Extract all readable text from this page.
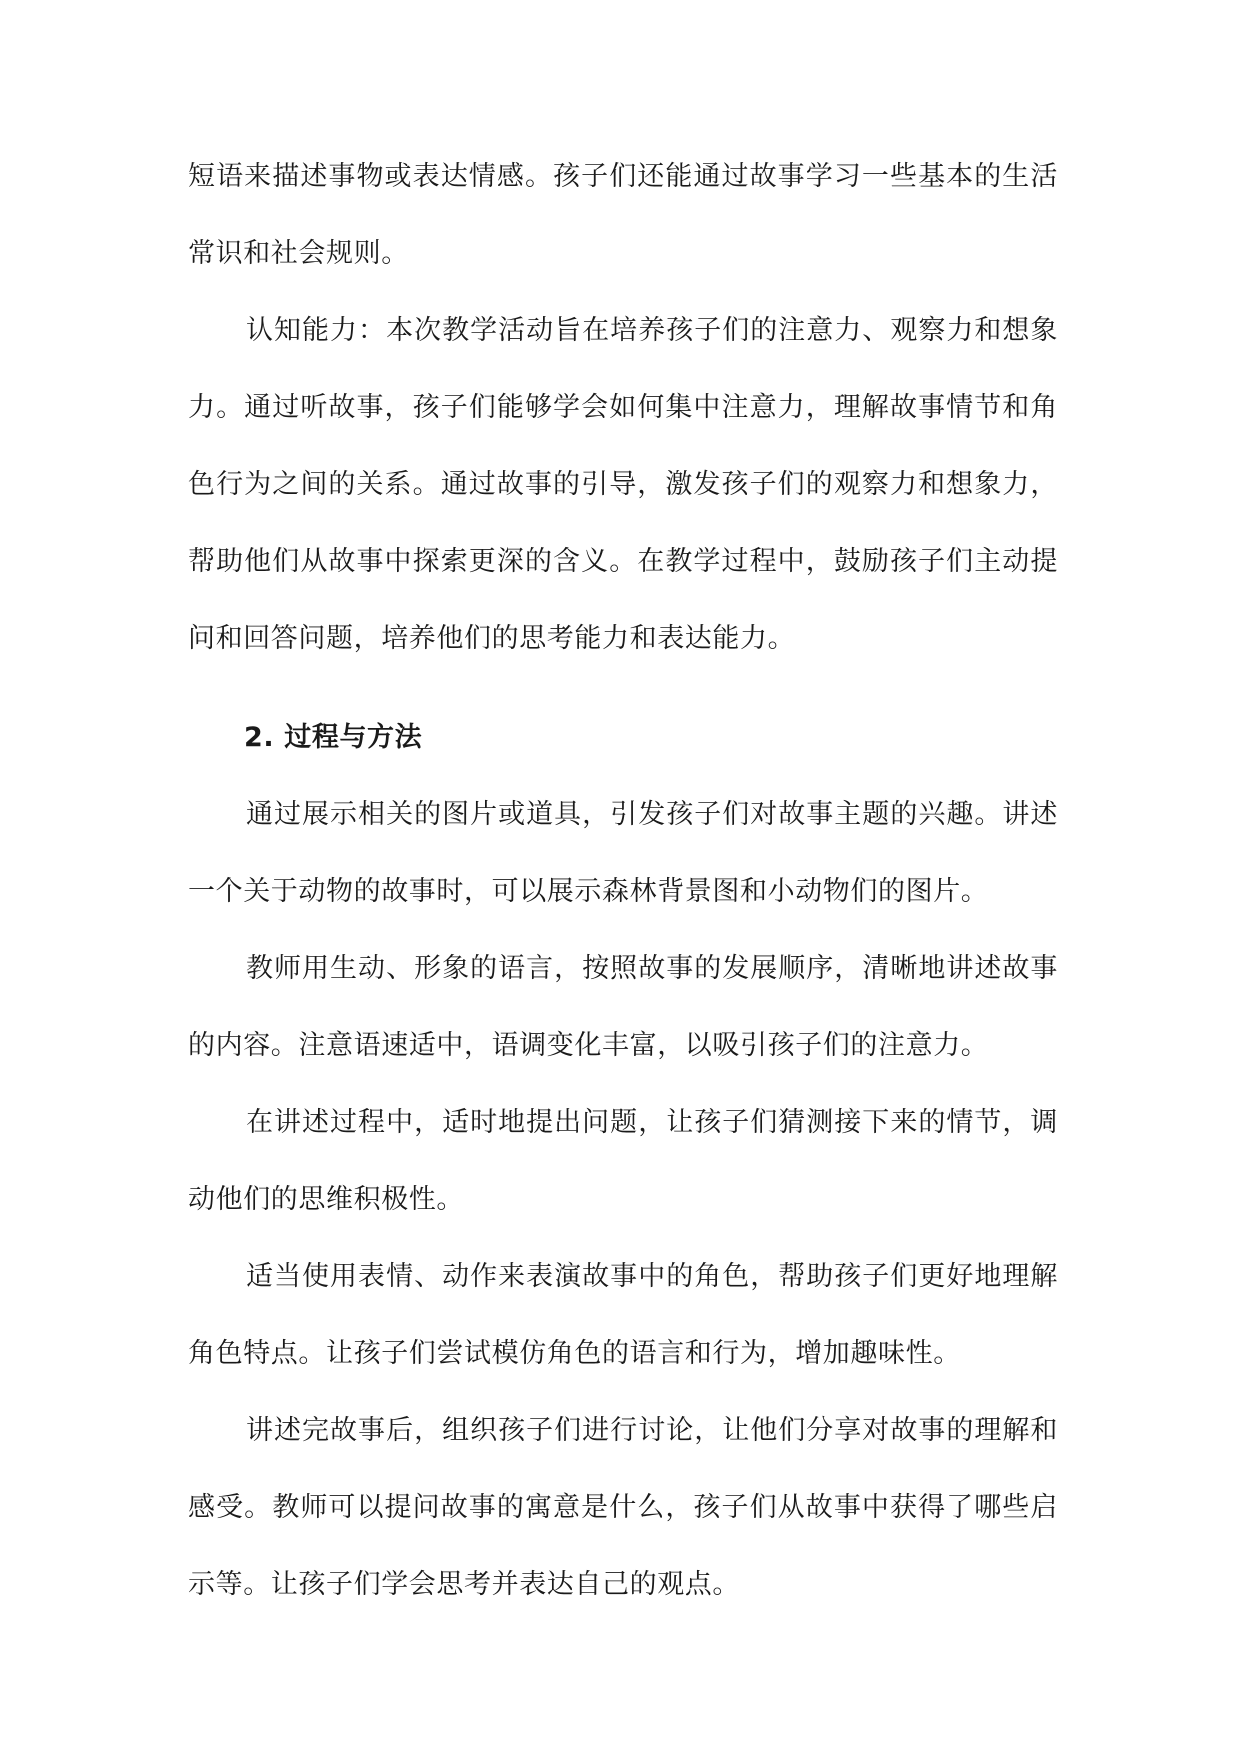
短语来描述事物或表达情感。孩子们还能通过故事学习一些基本的生活常识和社会规则。

认知能力：本次教学活动旨在培养孩子们的注意力、观察力和想象力。通过听故事，孩子们能够学会如何集中注意力，理解故事情节和角色行为之间的关系。通过故事的引导，激发孩子们的观察力和想象力，帮助他们从故事中探索更深的含义。在教学过程中，鼓励孩子们主动提问和回答问题，培养他们的思考能力和表达能力。

2. 过程与方法

通过展示相关的图片或道具，引发孩子们对故事主题的兴趣。讲述一个关于动物的故事时，可以展示森林背景图和小动物们的图片。

教师用生动、形象的语言，按照故事的发展顺序，清晰地讲述故事的内容。注意语速适中，语调变化丰富，以吸引孩子们的注意力。

在讲述过程中，适时地提出问题，让孩子们猜测接下来的情节，调动他们的思维积极性。

适当使用表情、动作来表演故事中的角色，帮助孩子们更好地理解角色特点。让孩子们尝试模仿角色的语言和行为，增加趣味性。

讲述完故事后，组织孩子们进行讨论，让他们分享对故事的理解和感受。教师可以提问故事的寓意是什么，孩子们从故事中获得了哪些启示等。让孩子们学会思考并表达自己的观点。
